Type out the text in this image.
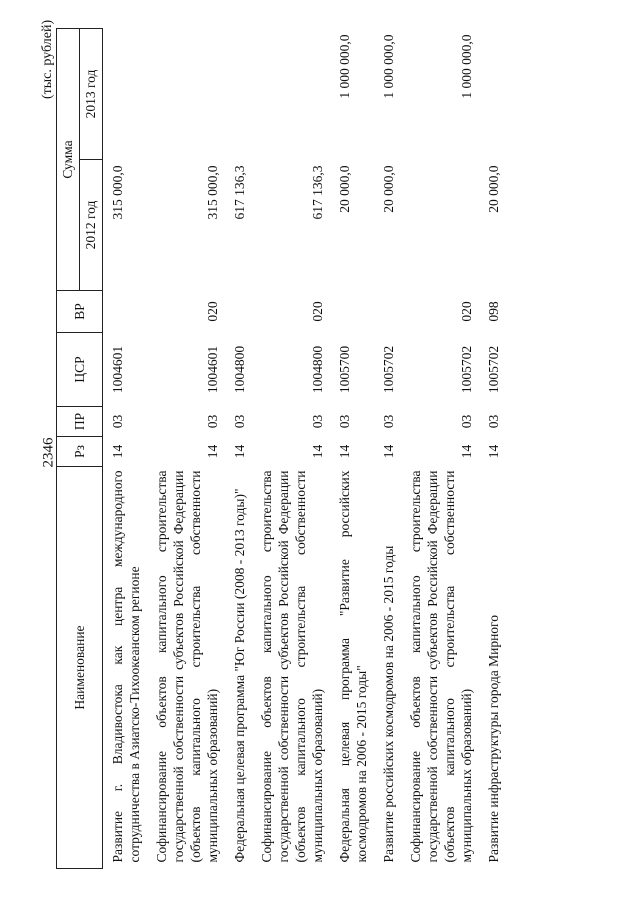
2346
(тыс. рублей)
Наименование	Рз	ПР	ЦСР	ВР	Сумма	
					2012 год	2013 год
Развитие г. Владивостока как центра международного сотрудничества в Азиатско-Тихоокеанском регионе	14	03	1004601		315 000,0	
Софинансирование объектов капитального строительства государственной собственности субъектов Российской Федерации (объектов капитального строительства собственности муниципальных образований)	14	03	1004601	020	315 000,0	
Федеральная целевая программа "Юг России (2008 - 2013 годы)"	14	03	1004800		617 136,3	
Софинансирование объектов капитального строительства государственной собственности субъектов Российской Федерации (объектов капитального строительства собственности муниципальных образований)	14	03	1004800	020	617 136,3	
Федеральная целевая программа "Развитие российских космодромов на 2006 - 2015 годы"	14	03	1005700		20 000,0	1 000 000,0
Развитие российских космодромов на 2006 - 2015 годы	14	03	1005702		20 000,0	1 000 000,0
Софинансирование объектов капитального строительства государственной собственности субъектов Российской Федерации (объектов капитального строительства собственности муниципальных образований)	14	03	1005702	020		1 000 000,0
Развитие инфраструктуры города Мирного	14	03	1005702	098	20 000,0	
